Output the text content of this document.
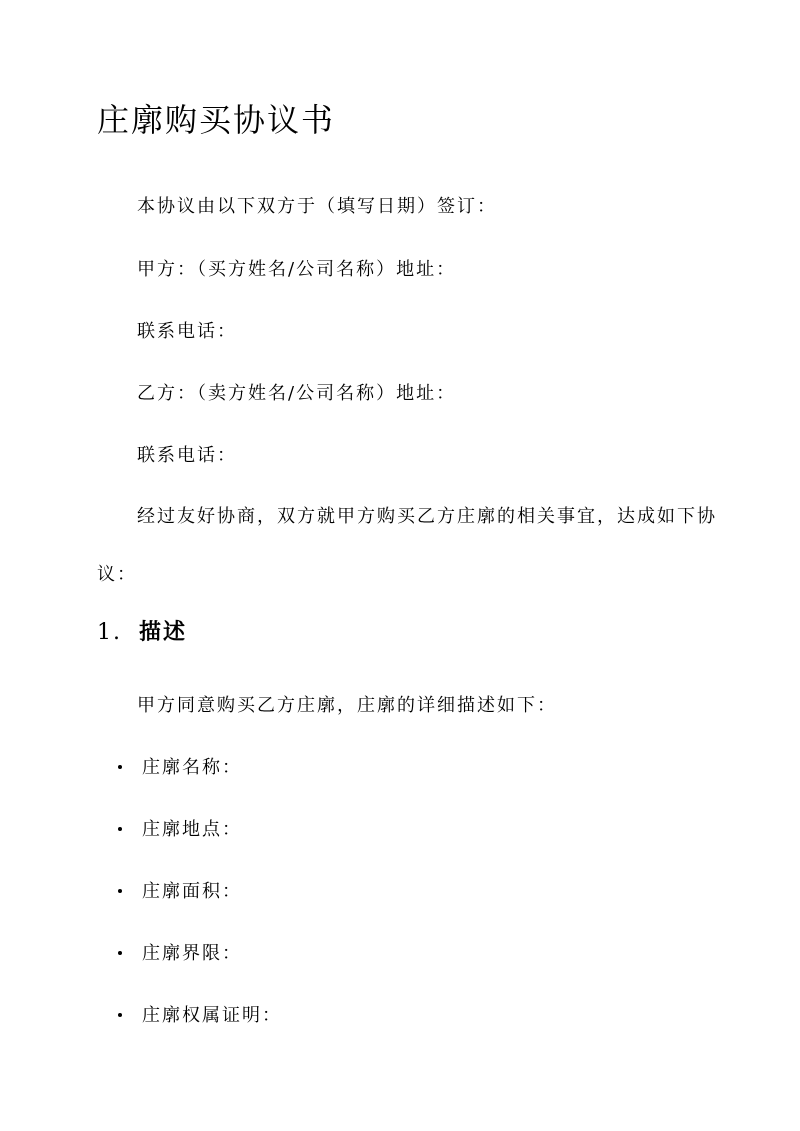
庄廓购买协议书

本协议由以下双方于（填写日期）签订：

甲方：（买方姓名/公司名称）地址：

联系电话：

乙方：（卖方姓名/公司名称）地址：

联系电话：

经过友好协商，双方就甲方购买乙方庄廓的相关事宜，达成如下协议：

1. 描述

甲方同意购买乙方庄廓，庄廓的详细描述如下：

庄廓名称：
庄廓地点：
庄廓面积：
庄廓界限：
庄廓权属证明：
